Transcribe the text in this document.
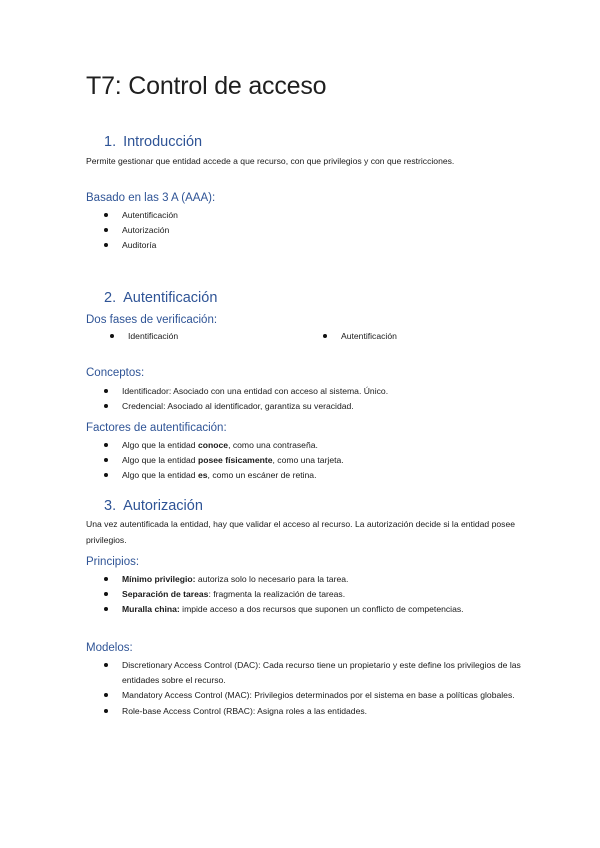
T7: Control de acceso
1. Introducción

Permite gestionar que entidad accede a que recurso, con que privilegios y con que restricciones.

Basado en las 3 A (AAA):
Autentificación
Autorización
Auditoría
2. Autentificación
Dos fases de verificación:
Identificación	Autentificación
Conceptos:
Identificador: Asociado con una entidad con acceso al sistema. Único.
Credencial: Asociado al identificador, garantiza su veracidad.
Factores de autentificación:
Algo que la entidad conoce, como una contraseña.
Algo que la entidad posee físicamente, como una tarjeta.
Algo que la entidad es, como un escáner de retina.
3. Autorización

Una vez autentificada la entidad, hay que validar el acceso al recurso. La autorización decide si la entidad posee privilegios.

Principios:
Mínimo privilegio: autoriza solo lo necesario para la tarea.
Separación de tareas: fragmenta la realización de tareas.
Muralla china: impide acceso a dos recursos que suponen un conflicto de competencias.
Modelos:
Discretionary Access Control (DAC): Cada recurso tiene un propietario y este define los privilegios de las entidades sobre el recurso.
Mandatory Access Control (MAC): Privilegios determinados por el sistema en base a políticas globales.
Role-base Access Control (RBAC): Asigna roles a las entidades.
